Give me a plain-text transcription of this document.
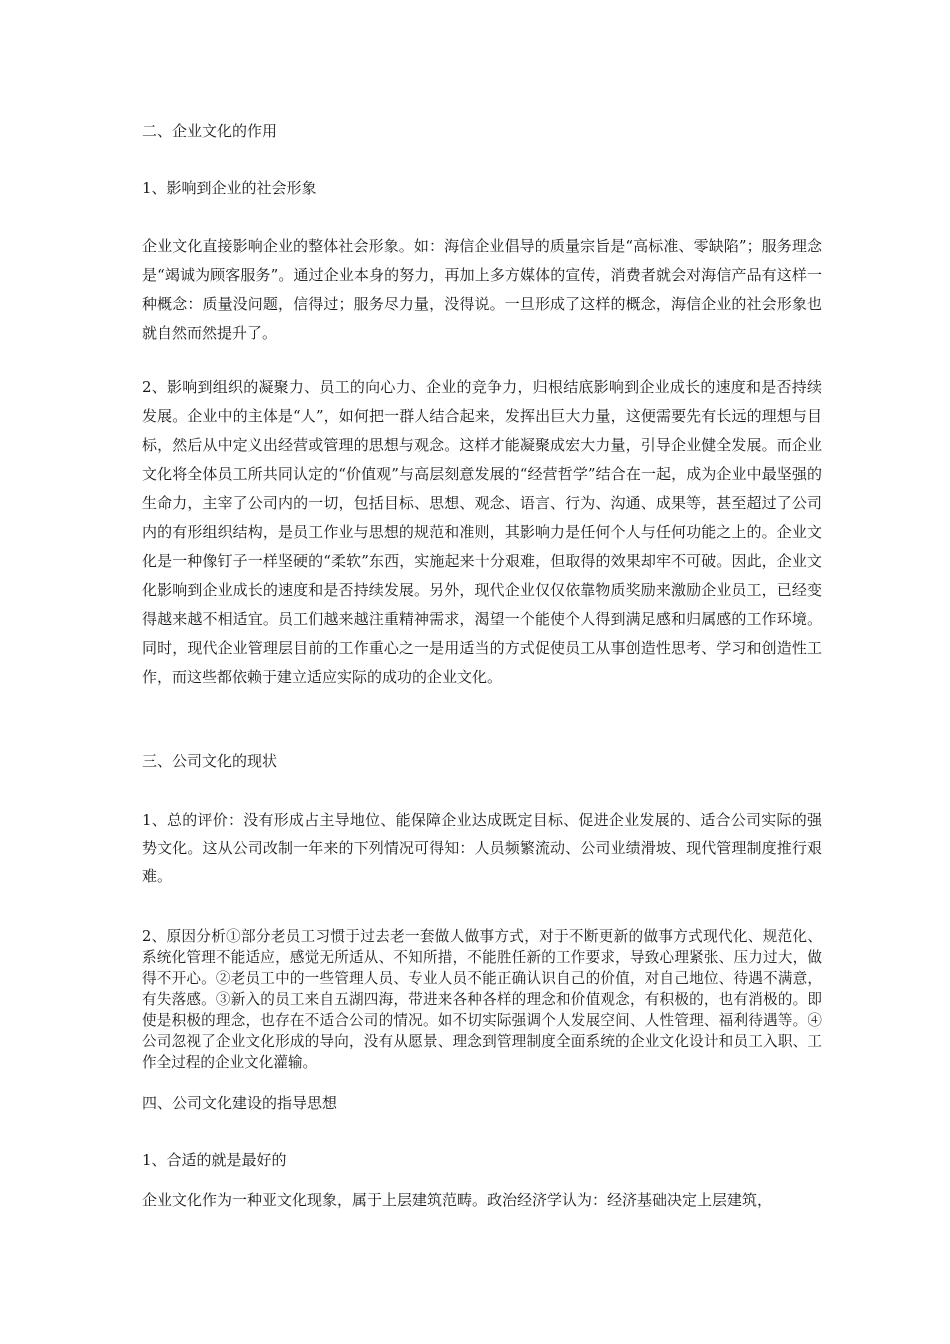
二、企业文化的作用

1、影响到企业的社会形象

企业文化直接影响企业的整体社会形象。如：海信企业倡导的质量宗旨是“高标准、零缺陷”；服务理念是“竭诚为顾客服务”。通过企业本身的努力，再加上多方媒体的宣传，消费者就会对海信产品有这样一种概念：质量没问题，信得过；服务尽力量，没得说。一旦形成了这样的概念，海信企业的社会形象也就自然而然提升了。

2、影响到组织的凝聚力、员工的向心力、企业的竞争力，归根结底影响到企业成长的速度和是否持续发展。企业中的主体是“人”，如何把一群人结合起来，发挥出巨大力量，这便需要先有长远的理想与目标，然后从中定义出经营或管理的思想与观念。这样才能凝聚成宏大力量，引导企业健全发展。而企业文化将全体员工所共同认定的“价值观”与高层刻意发展的“经营哲学”结合在一起，成为企业中最坚强的生命力，主宰了公司内的一切，包括目标、思想、观念、语言、行为、沟通、成果等，甚至超过了公司内的有形组织结构，是员工作业与思想的规范和准则，其影响力是任何个人与任何功能之上的。企业文化是一种像钉子一样坚硬的“柔软”东西，实施起来十分艰难，但取得的效果却牢不可破。因此，企业文化影响到企业成长的速度和是否持续发展。另外，现代企业仅仅依靠物质奖励来激励企业员工，已经变得越来越不相适宜。员工们越来越注重精神需求，渴望一个能使个人得到满足感和归属感的工作环境。同时，现代企业管理层目前的工作重心之一是用适当的方式促使员工从事创造性思考、学习和创造性工作，而这些都依赖于建立适应实际的成功的企业文化。

三、公司文化的现状

1、总的评价：没有形成占主导地位、能保障企业达成既定目标、促进企业发展的、适合公司实际的强势文化。这从公司改制一年来的下列情况可得知：人员频繁流动、公司业绩滑坡、现代管理制度推行艰难。

2、原因分析①部分老员工习惯于过去老一套做人做事方式，对于不断更新的做事方式现代化、规范化、系统化管理不能适应，感觉无所适从、不知所措，不能胜任新的工作要求，导致心理紧张、压力过大，做得不开心。②老员工中的一些管理人员、专业人员不能正确认识自己的价值，对自己地位、待遇不满意，有失落感。③新入的员工来自五湖四海，带进来各种各样的理念和价值观念，有积极的，也有消极的。即使是积极的理念，也存在不适合公司的情况。如不切实际强调个人发展空间、人性管理、福利待遇等。④公司忽视了企业文化形成的导向，没有从愿景、理念到管理制度全面系统的企业文化设计和员工入职、工作全过程的企业文化灌输。

四、公司文化建设的指导思想

1、合适的就是最好的

企业文化作为一种亚文化现象，属于上层建筑范畴。政治经济学认为：经济基础决定上层建筑，
